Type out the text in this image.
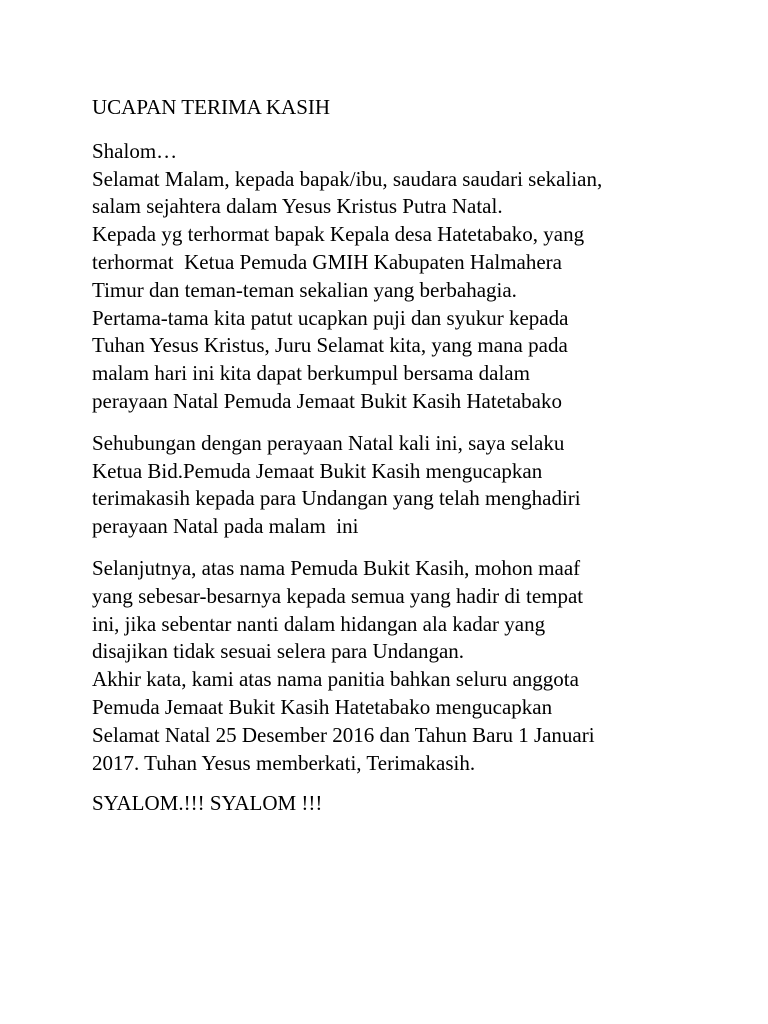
UCAPAN TERIMA KASIH
Shalom…
Selamat Malam, kepada bapak/ibu, saudara saudari sekalian,
salam sejahtera dalam Yesus Kristus Putra Natal.
Kepada yg terhormat bapak Kepala desa Hatetabako, yang
terhormat  Ketua Pemuda GMIH Kabupaten Halmahera
Timur dan teman-teman sekalian yang berbahagia.
Pertama-tama kita patut ucapkan puji dan syukur kepada
Tuhan Yesus Kristus, Juru Selamat kita, yang mana pada
malam hari ini kita dapat berkumpul bersama dalam
perayaan Natal Pemuda Jemaat Bukit Kasih Hatetabako
Sehubungan dengan perayaan Natal kali ini, saya selaku
Ketua Bid.Pemuda Jemaat Bukit Kasih mengucapkan
terimakasih kepada para Undangan yang telah menghadiri
perayaan Natal pada malam  ini
Selanjutnya, atas nama Pemuda Bukit Kasih, mohon maaf
yang sebesar-besarnya kepada semua yang hadir di tempat
ini, jika sebentar nanti dalam hidangan ala kadar yang
disajikan tidak sesuai selera para Undangan.
Akhir kata, kami atas nama panitia bahkan seluru anggota
Pemuda Jemaat Bukit Kasih Hatetabako mengucapkan
Selamat Natal 25 Desember 2016 dan Tahun Baru 1 Januari
2017. Tuhan Yesus memberkati, Terimakasih.
SYALOM.!!! SYALOM !!!
